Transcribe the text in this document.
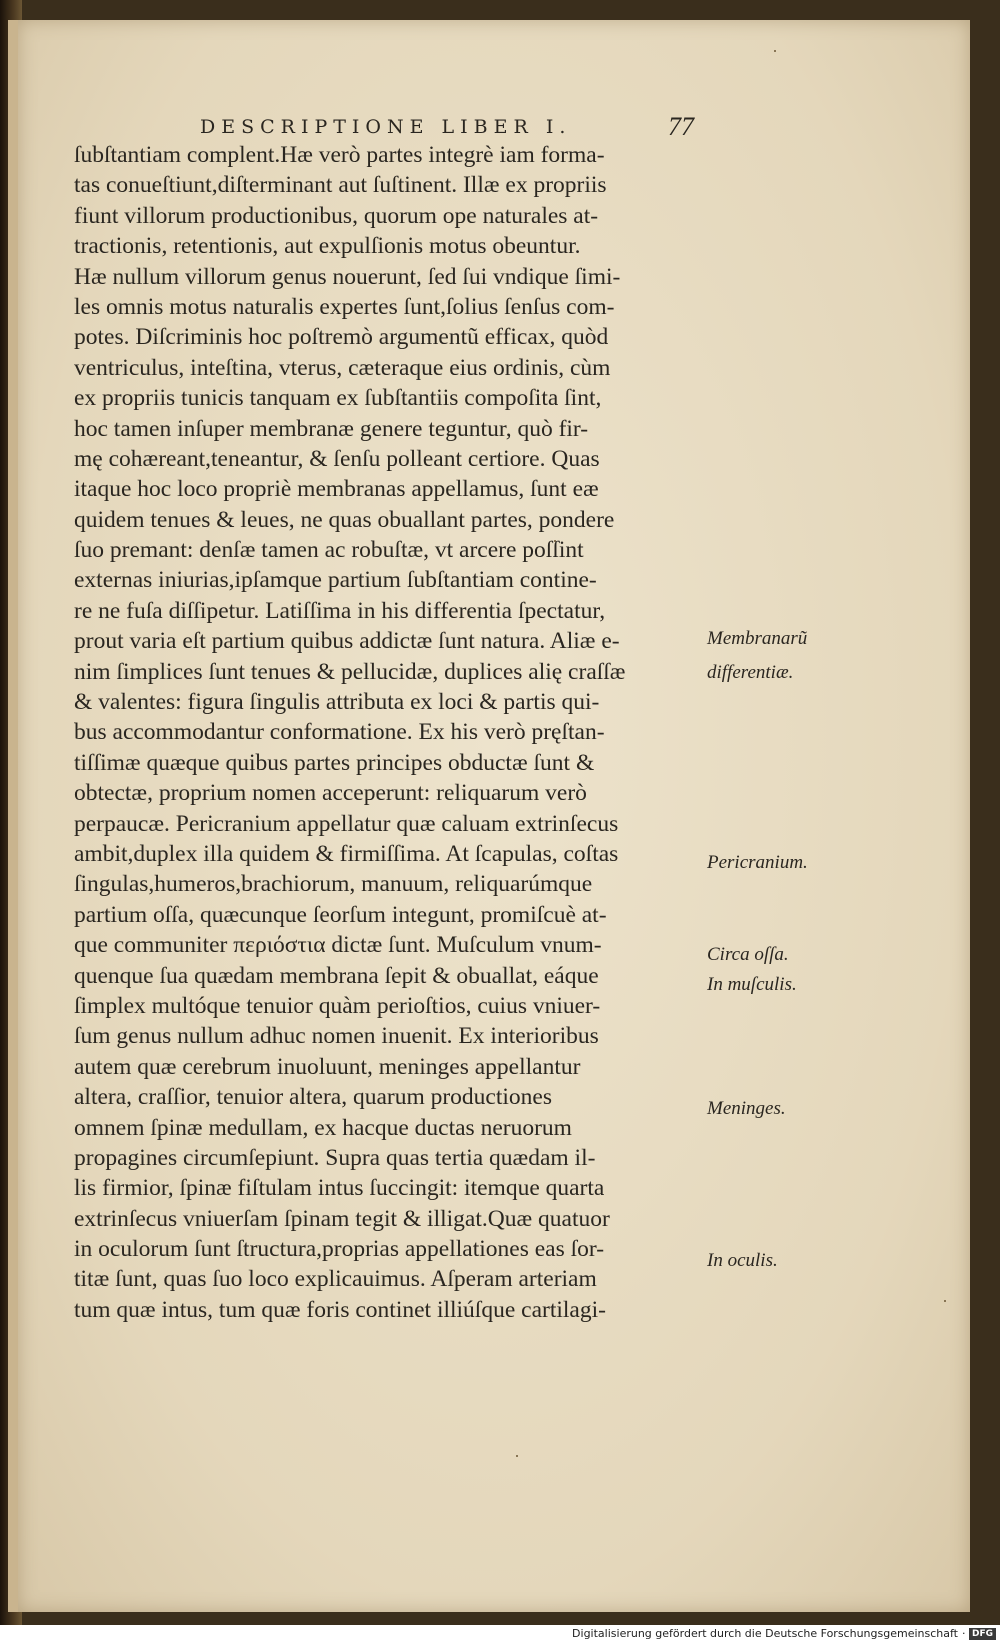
DESCRIPTIONE LIBER I.	77
ſubſtantiam complent.Hæ verò partes integrè iam forma-
tas conueſtiunt,diſterminant aut ſuſtinent. Illæ ex propriis
fiunt villorum productionibus, quorum ope naturales at-
tractionis, retentionis, aut expulſionis motus obeuntur.
Hæ nullum villorum genus nouerunt, ſed ſui vndique ſimi-
les omnis motus naturalis expertes ſunt,ſolius ſenſus com-
potes. Diſcriminis hoc poſtremò argumentũ efficax, quòd
ventriculus, inteſtina, vterus, cæteraque eius ordinis, cùm
ex propriis tunicis tanquam ex ſubſtantiis compoſita ſint,
hoc tamen inſuper membranæ genere teguntur, quò fir-
mę cohæreant,teneantur, & ſenſu polleant certiore. Quas
itaque hoc loco propriè membranas appellamus, ſunt eæ
quidem tenues & leues, ne quas obuallant partes, pondere
ſuo premant: denſæ tamen ac robuſtæ, vt arcere poſſint
externas iniurias,ipſamque partium ſubſtantiam contine-
re ne fuſa diſſipetur. Latiſſima in his differentia ſpectatur,
prout varia eſt partium quibus addictæ ſunt natura. Aliæ e-
nim ſimplices ſunt tenues & pellucidæ, duplices alię craſſæ
& valentes: figura ſingulis attributa ex loci & partis qui-
bus accommodantur conformatione. Ex his verò pręſtan-
tiſſimæ quæque quibus partes principes obductæ ſunt &
obtectæ, proprium nomen acceperunt: reliquarum verò
perpaucæ. Pericranium appellatur quæ caluam extrinſecus
ambit,duplex illa quidem & firmiſſima. At ſcapulas, coſtas
ſingulas,humeros,brachiorum, manuum, reliquarúmque
partium oſſa, quæcunque ſeorſum integunt, promiſcuè at-
que communiter περιόστια dictæ ſunt. Muſculum vnum-
quenque ſua quædam membrana ſepit & obuallat, eáque
ſimplex multóque tenuior quàm perioſtios, cuius vniuer-
ſum genus nullum adhuc nomen inuenit. Ex interioribus
autem quæ cerebrum inuoluunt, meninges appellantur
altera, craſſior, tenuior altera, quarum productiones
omnem ſpinæ medullam, ex hacque ductas neruorum
propagines circumſepiunt. Supra quas tertia quædam il-
lis firmior, ſpinæ fiſtulam intus ſuccingit: itemque quarta
extrinſecus vniuerſam ſpinam tegit & illigat.Quæ quatuor
in oculorum ſunt ſtructura,proprias appellationes eas ſor-
titæ ſunt, quas ſuo loco explicauimus. Aſperam arteriam
tum quæ intus, tum quæ foris continet illiúſque cartilagi-
Membranarũ
differentiæ.
Pericranium.
Circa oſſa.
In muſculis.
Meninges.
In oculis.
Digitalisierung gefördert durch die Deutsche Forschungsgemeinschaft · DFG
